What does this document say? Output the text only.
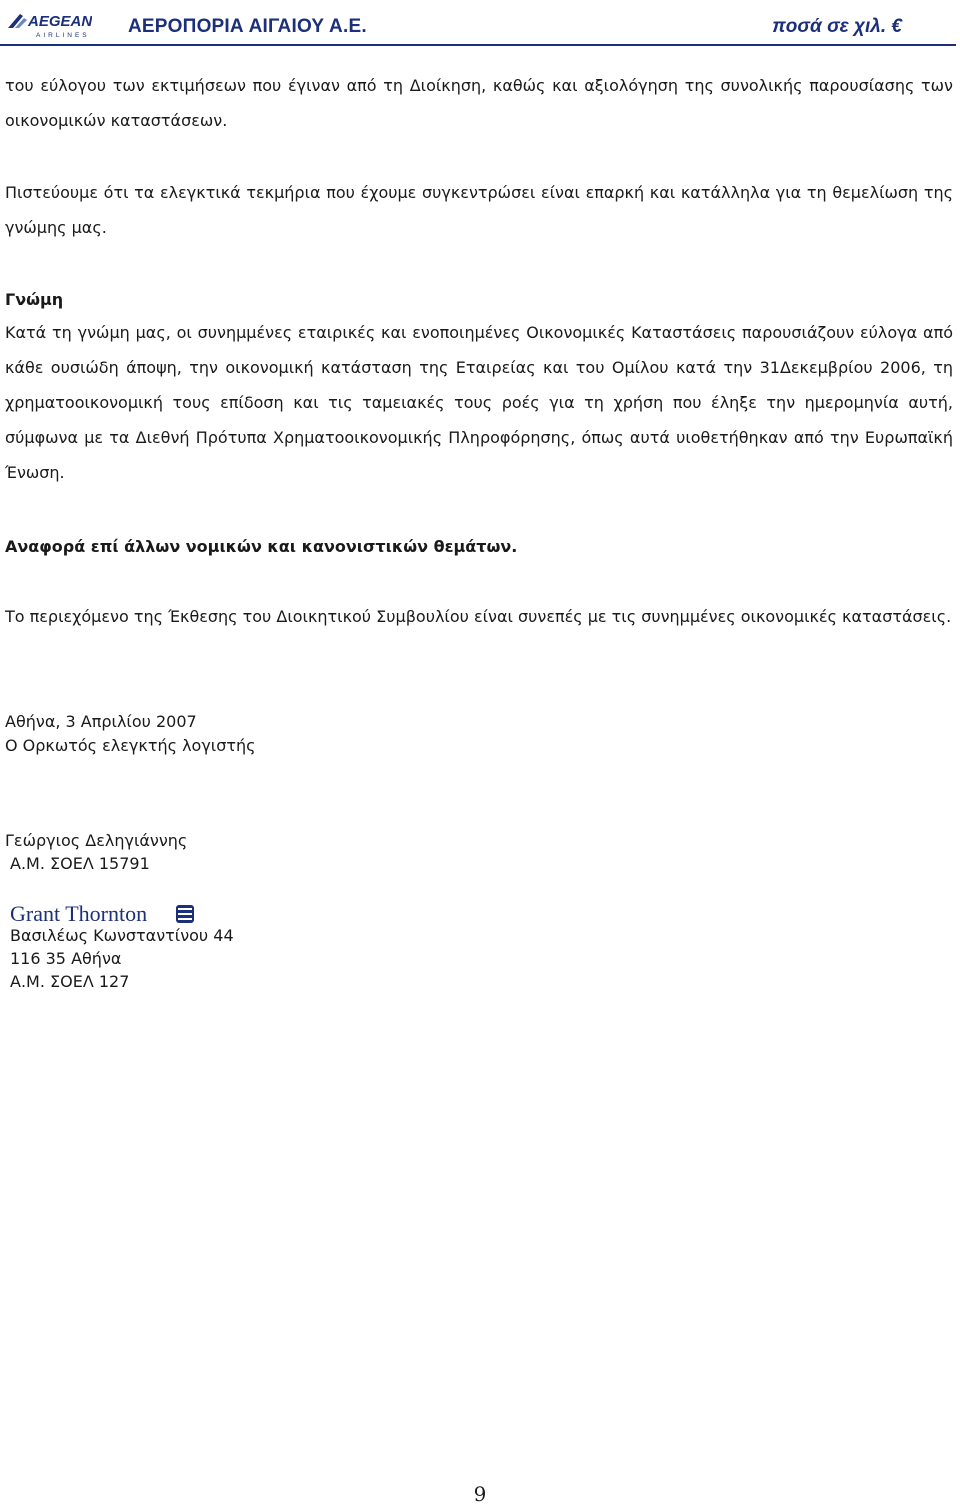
AEGEAN
AIRLINES ΑΕΡΟΠΟΡΙΑ ΑΙΓΑΙΟΥ Α.Ε.	ποσά σε χιλ. €
του εύλογου των εκτιμήσεων που έγιναν από τη Διοίκηση, καθώς και αξιολόγηση της συνολικής παρουσίασης των οικονομικών καταστάσεων.
Πιστεύουμε ότι τα ελεγκτικά τεκμήρια που έχουμε συγκεντρώσει είναι επαρκή και κατάλληλα για τη θεμελίωση της γνώμης μας.
Γνώμη
Κατά τη γνώμη μας, οι συνημμένες εταιρικές και ενοποιημένες Οικονομικές Καταστάσεις παρουσιάζουν εύλογα από κάθε ουσιώδη άποψη, την οικονομική κατάσταση της Εταιρείας και του Ομίλου κατά την 31Δεκεμβρίου 2006, τη χρηματοοικονομική τους επίδοση και τις ταμειακές τους ροές για τη χρήση που έληξε την ημερομηνία αυτή, σύμφωνα με τα Διεθνή Πρότυπα Χρηματοοικονομικής Πληροφόρησης, όπως αυτά υιοθετήθηκαν από την Ευρωπαϊκή Ένωση.
Αναφορά επί άλλων νομικών και κανονιστικών θεμάτων.
Το περιεχόμενο της Έκθεσης του Διοικητικού Συμβουλίου είναι συνεπές με τις συνημμένες οικονομικές καταστάσεις.
Αθήνα, 3 Απριλίου 2007
Ο Ορκωτός ελεγκτής λογιστής
Γεώργιος Δεληγιάννης
Α.Μ. ΣΟΕΛ 15791
Grant Thornton
Βασιλέως Κωνσταντίνου 44
116 35 Αθήνα
Α.Μ. ΣΟΕΛ 127
9
